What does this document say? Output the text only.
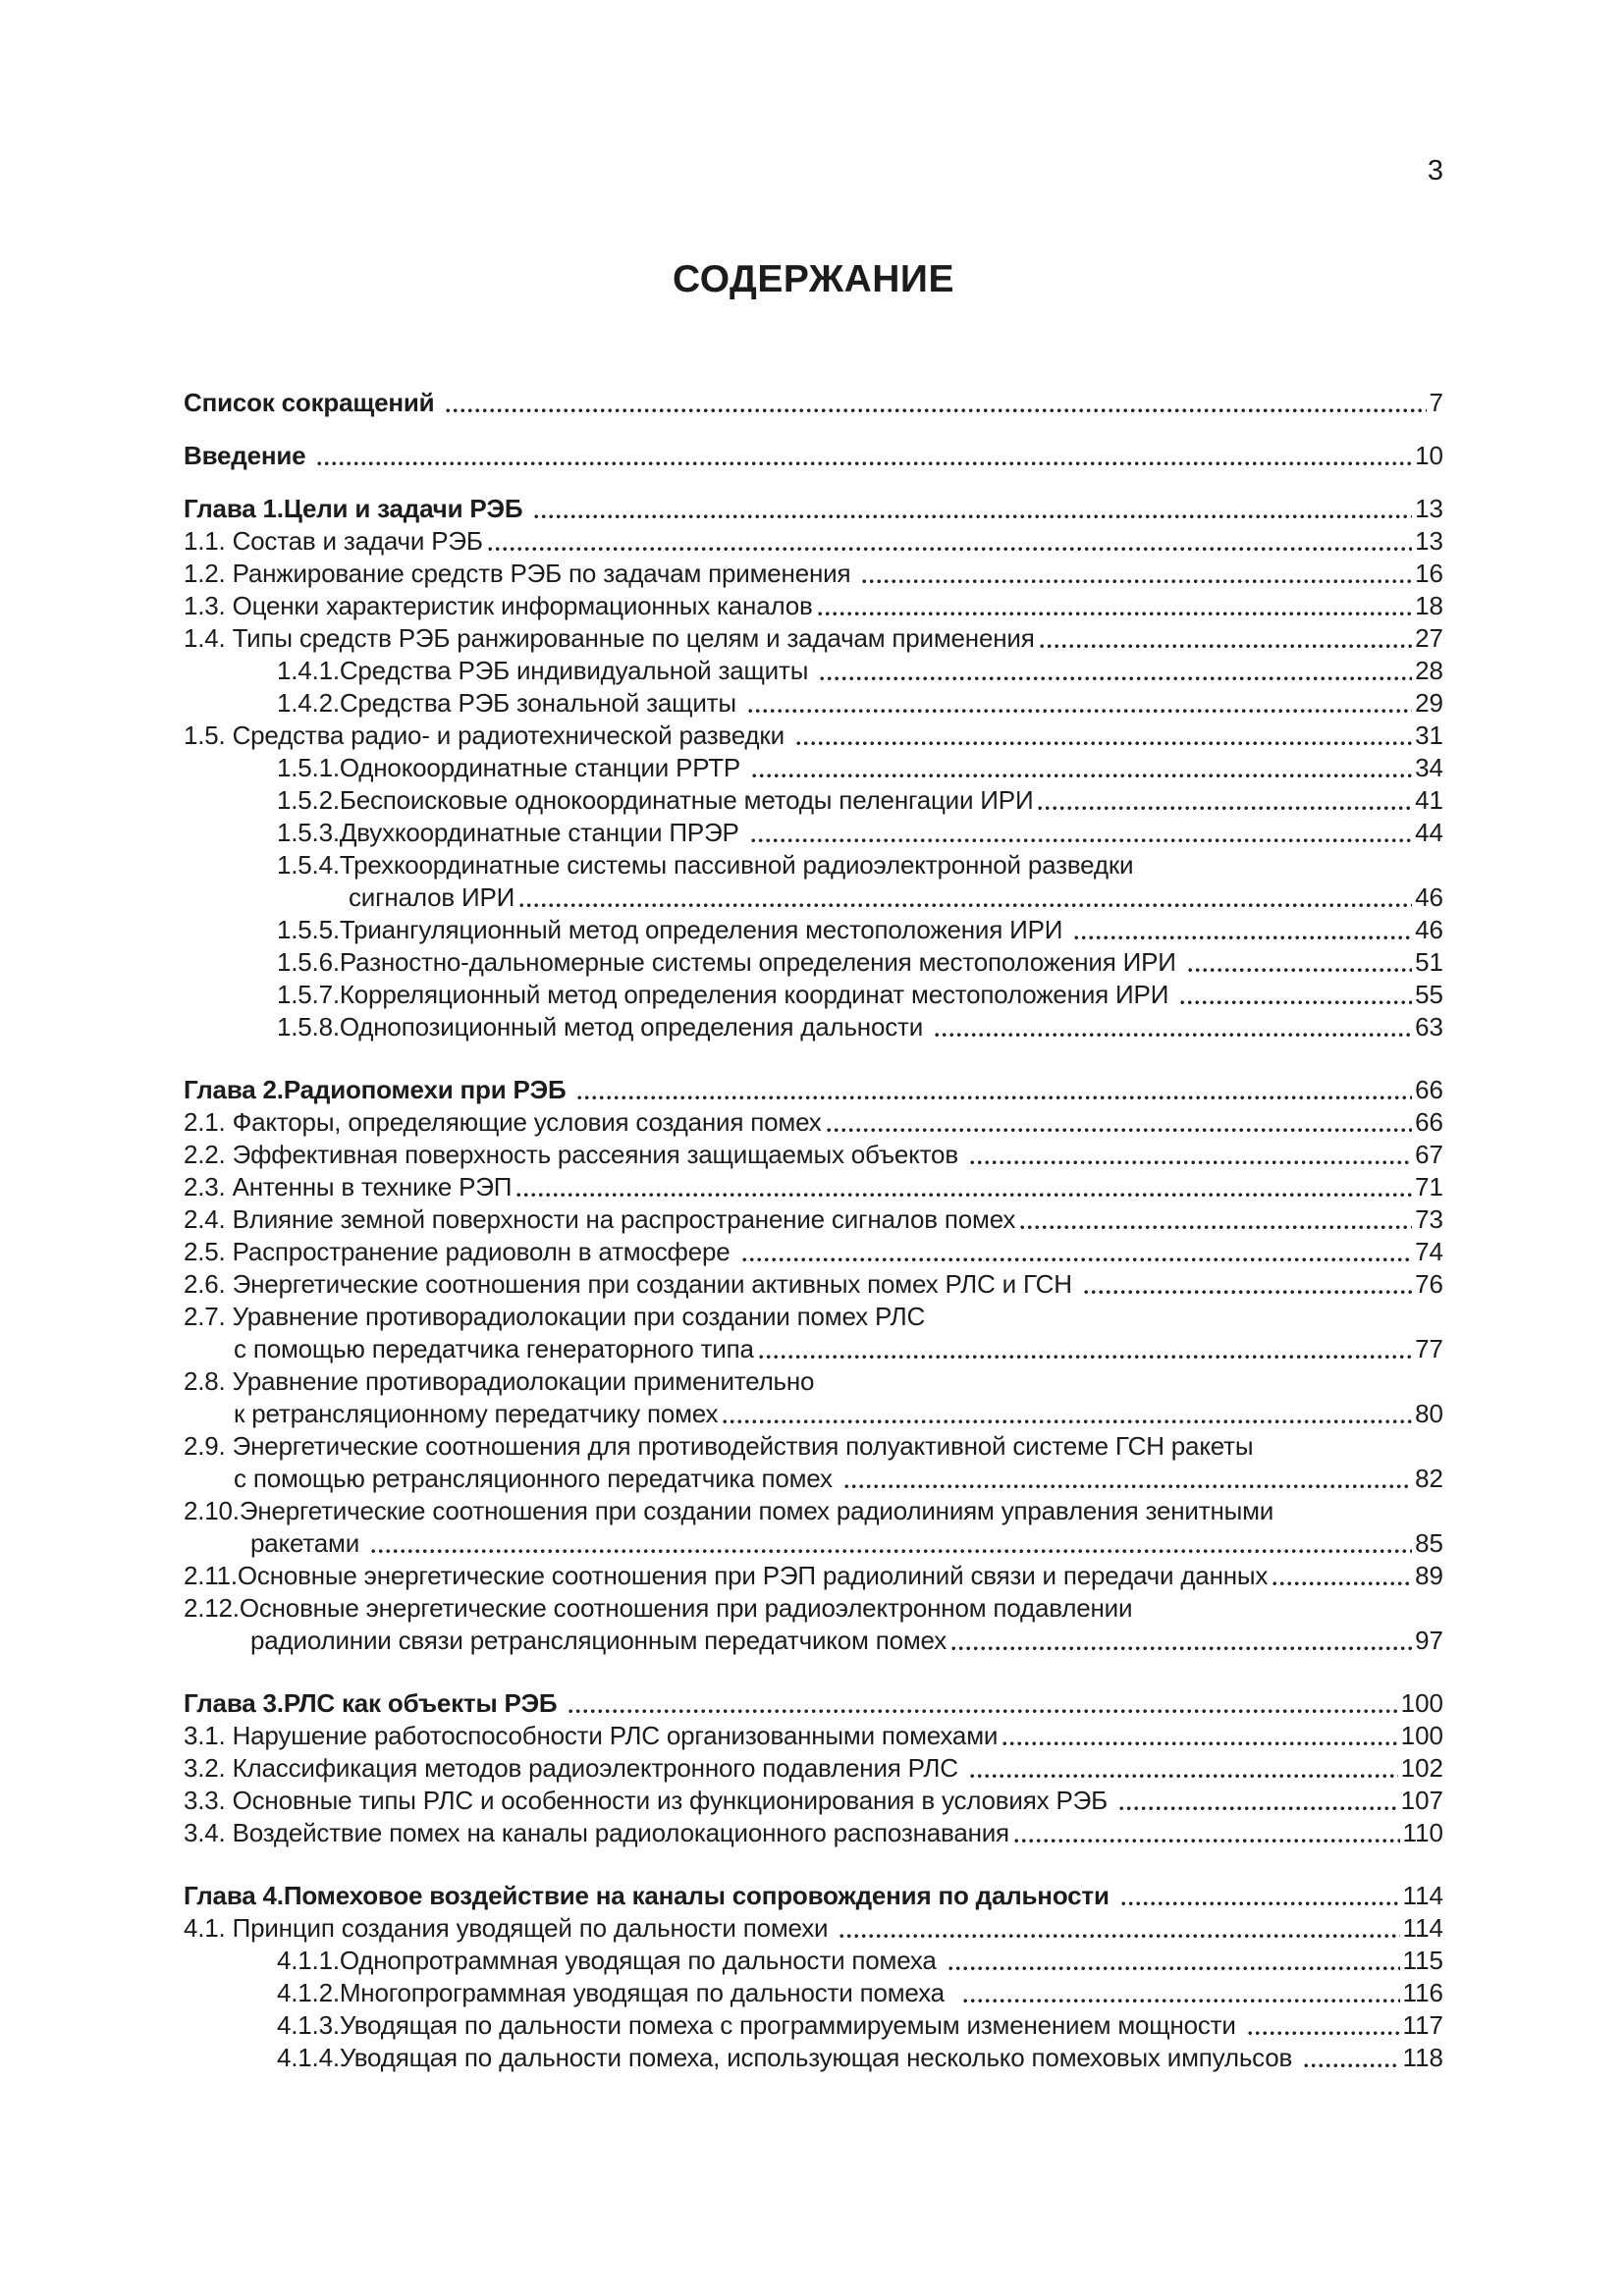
3
СОДЕРЖАНИЕ
Список сокращений	7
Введение	10
Глава 1.Цели и задачи РЭБ	13
1.1. Состав и задачи РЭБ	13
1.2. Ранжирование средств РЭБ по задачам применения	16
1.3. Оценки характеристик информационных каналов	18
1.4. Типы средств РЭБ ранжированные по целям и задачам применения	27
1.4.1.Средства РЭБ индивидуальной защиты	28
1.4.2.Средства РЭБ зональной защиты	29
1.5. Средства радио- и радиотехнической разведки	31
1.5.1.Однокоординатные станции РРТР	34
1.5.2.Беспоисковые однокоординатные методы пеленгации ИРИ	41
1.5.3.Двухкоординатные станции ПРЭР	44
1.5.4.Трехкоординатные системы пассивной радиоэлектронной разведки
сигналов ИРИ	46
1.5.5.Триангуляционный метод определения местоположения ИРИ	46
1.5.6.Разностно-дальномерные системы определения местоположения ИРИ	51
1.5.7.Корреляционный метод определения координат местоположения ИРИ	55
1.5.8.Однопозиционный метод определения дальности	63
Глава 2.Радиопомехи при РЭБ	66
2.1. Факторы, определяющие условия создания помех	66
2.2. Эффективная поверхность рассеяния защищаемых объектов	67
2.3. Антенны в технике РЭП	71
2.4. Влияние земной поверхности на распространение сигналов помех	73
2.5. Распространение радиоволн в атмосфере	74
2.6. Энергетические соотношения при создании активных помех РЛС и ГСН	76
2.7. Уравнение противорадиолокации при создании помех РЛС
с помощью передатчика генераторного типа	77
2.8. Уравнение противорадиолокации применительно
к ретрансляционному передатчику помех	80
2.9. Энергетические соотношения для противодействия полуактивной системе ГСН ракеты
с помощью ретрансляционного передатчика помех	82
2.10.Энергетические соотношения при создании помех радиолиниям управления зенитными
ракетами	85
2.11.Основные энергетические соотношения при РЭП радиолиний связи и передачи данных	89
2.12.Основные энергетические соотношения при радиоэлектронном подавлении
радиолинии связи ретрансляционным передатчиком помех	97
Глава 3.РЛС как объекты РЭБ	100
3.1. Нарушение работоспособности РЛС организованными помехами	100
3.2. Классификация методов радиоэлектронного подавления РЛС	102
3.3. Основные типы РЛС и особенности из функционирования в условиях РЭБ	107
3.4. Воздействие помех на каналы радиолокационного распознавания	110
Глава 4.Помеховое воздействие на каналы сопровождения по дальности	114
4.1. Принцип создания уводящей по дальности помехи	114
4.1.1.Однопротраммная уводящая по дальности помеха	115
4.1.2.Многопрограммная уводящая по дальности помеха	116
4.1.3.Уводящая по дальности помеха с программируемым изменением мощности	117
4.1.4.Уводящая по дальности помеха, использующая несколько помеховых импульсов	118
